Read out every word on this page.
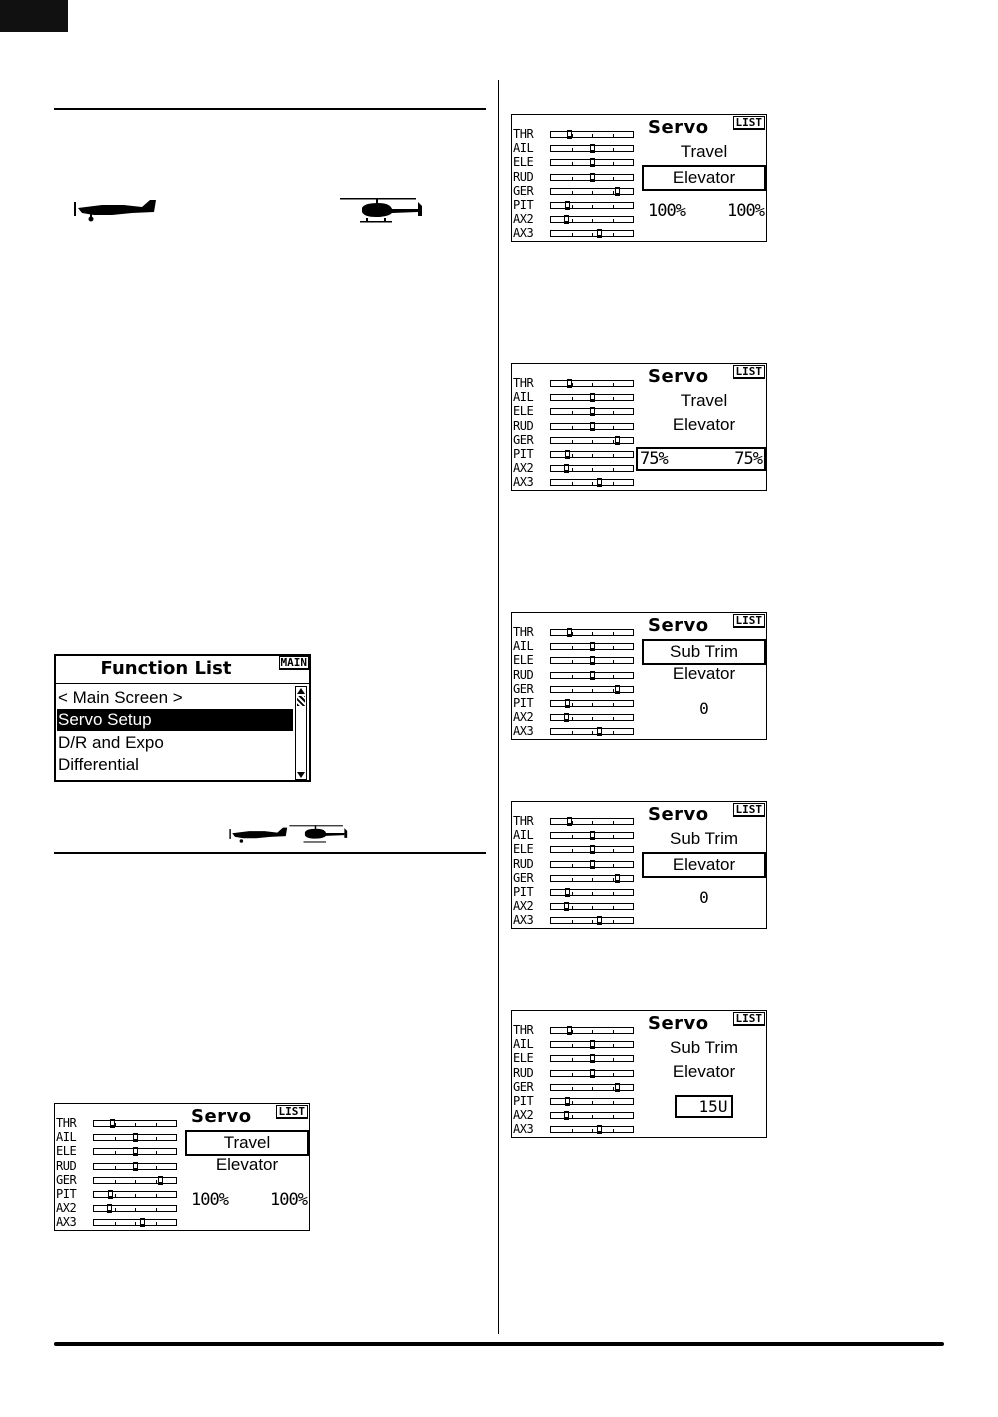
Function List	MAIN
< Main Screen >
Servo Setup
D/R and Expo
Differential
THR
AIL
ELE
RUD
GER
PIT
AX2
AX3
Servo LIST
Travel
Elevator
100% 100%
THR
AIL
ELE
RUD
GER
PIT
AX2
AX3
Servo LIST
Travel
Elevator
100% 100%
THR
AIL
ELE
RUD
GER
PIT
AX2
AX3
Servo LIST
Travel
Elevator
75%	75%
THR
AIL
ELE
RUD
GER
PIT
AX2
AX3
Servo LIST
Sub Trim
Elevator
0
THR
AIL
ELE
RUD
GER
PIT
AX2
AX3
Servo LIST
Sub Trim
Elevator
0
THR
AIL
ELE
RUD
GER
PIT
AX2
AX3
Servo LIST
Sub Trim
Elevator
15U
